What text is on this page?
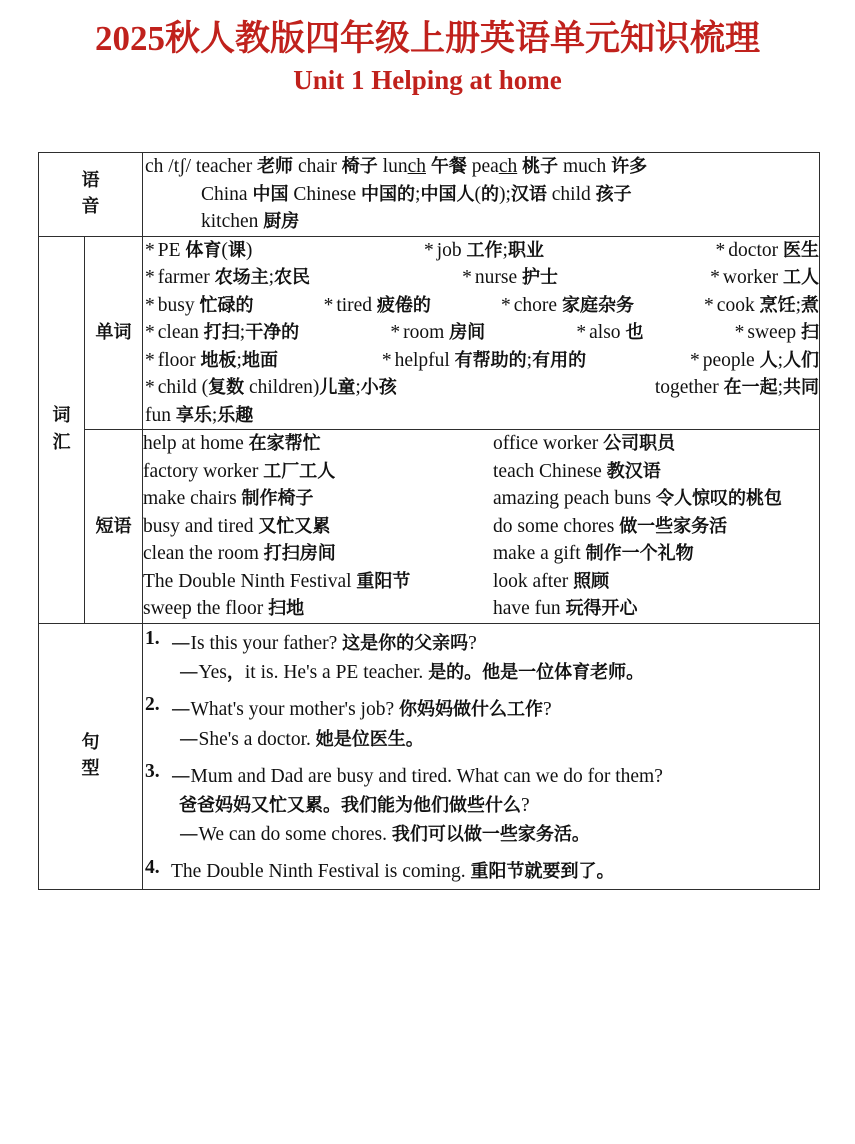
2025秋人教版四年级上册英语单元知识梳理
Unit 1 Helping at home
语
音

ch /tʃ/ teacher 老师 chair 椅子 lunch 午餐 peach 桃子 much 许多
China 中国 Chinese 中国的;中国人(的);汉语 child 孩子
kitchen 厨房

词
汇
	单词	
* PE 体育(课)	* job 工作;职业	* doctor 医生
* farmer 农场主;农民	* nurse 护士	* worker 工人
* busy 忙碌的	* tired 疲倦的	* chore 家庭杂务	* cook 烹饪;煮
* clean 打扫;干净的	* room 房间	* also 也	* sweep 扫
* floor 地板;地面	* helpful 有帮助的;有用的	* people 人;人们
* child (复数 children)儿童;小孩	together 在一起;共同
fun 享乐;乐趣

短语	
help at home 在家帮忙	office worker 公司职员
factory worker 工厂工人	teach Chinese 教汉语
make chairs 制作椅子	amazing peach buns 令人惊叹的桃包
busy and tired 又忙又累	do some chores 做一些家务活
clean the room 打扫房间	make a gift 制作一个礼物
The Double Ninth Festival 重阳节	look after 照顾
sweep the floor 扫地	have fun 玩得开心

句
型

1. —Is this your father? 这是你的父亲吗?
—Yes，it is. He's a PE teacher. 是的。他是一位体育老师。
2. —What's your mother's job? 你妈妈做什么工作?
—She's a doctor. 她是位医生。
3. —Mum and Dad are busy and tired. What can we do for them?
爸爸妈妈又忙又累。我们能为他们做些什么?
—We can do some chores. 我们可以做一些家务活。
4. The Double Ninth Festival is coming. 重阳节就要到了。
